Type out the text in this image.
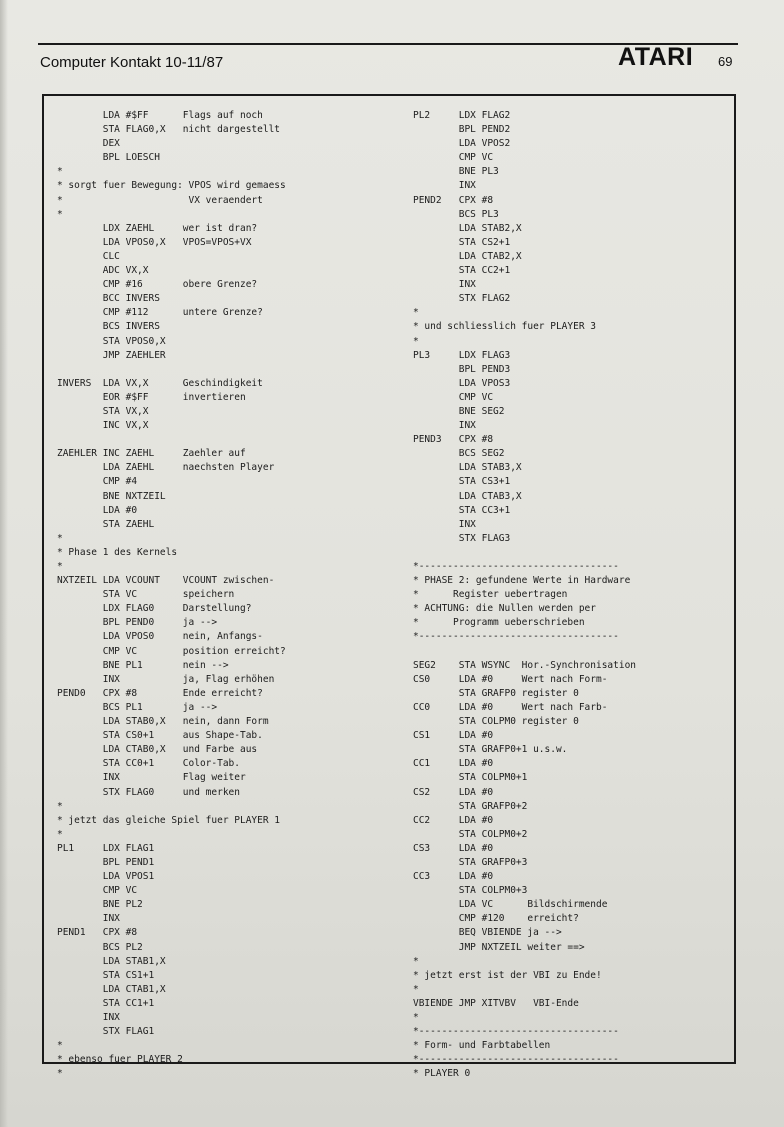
Computer Kontakt 10-11/87	ATARI 69
LDA #$FF      Flags auf noch
STA FLAG0,X   nicht dargestellt
DEX
BPL LOESCH
*
* sorgt fuer Bewegung: VPOS wird gemaess
*                      VX veraendert
*
LDX ZAEHL     wer ist dran?
LDA VPOS0,X   VPOS=VPOS+VX
CLC
ADC VX,X
CMP #16       obere Grenze?
BCC INVERS
CMP #112      untere Grenze?
BCS INVERS
STA VPOS0,X
JMP ZAEHLER
INVERS  LDA VX,X      Geschindigkeit
EOR #$FF      invertieren
STA VX,X
INC VX,X
ZAEHLER INC ZAEHL     Zaehler auf
LDA ZAEHL     naechsten Player
CMP #4
BNE NXTZEIL
LDA #0
STA ZAEHL
*
* Phase 1 des Kernels
*
NXTZEIL LDA VCOUNT    VCOUNT zwischen-
STA VC        speichern
LDX FLAG0     Darstellung?
BPL PEND0     ja -->
LDA VPOS0     nein, Anfangs-
CMP VC        position erreicht?
BNE PL1       nein -->
INX           ja, Flag erhöhen
PEND0   CPX #8        Ende erreicht?
BCS PL1       ja -->
LDA STAB0,X   nein, dann Form
STA CS0+1     aus Shape-Tab.
LDA CTAB0,X   und Farbe aus
STA CC0+1     Color-Tab.
INX           Flag weiter
STX FLAG0     und merken
*
* jetzt das gleiche Spiel fuer PLAYER 1
*
PL1     LDX FLAG1
BPL PEND1
LDA VPOS1
CMP VC
BNE PL2
INX
PEND1   CPX #8
BCS PL2
LDA STAB1,X
STA CS1+1
LDA CTAB1,X
STA CC1+1
INX
STX FLAG1
*
* ebenso fuer PLAYER 2
*
PL2     LDX FLAG2
BPL PEND2
LDA VPOS2
CMP VC
BNE PL3
INX
PEND2   CPX #8
BCS PL3
LDA STAB2,X
STA CS2+1
LDA CTAB2,X
STA CC2+1
INX
STX FLAG2
*
* und schliesslich fuer PLAYER 3
*
PL3     LDX FLAG3
BPL PEND3
LDA VPOS3
CMP VC
BNE SEG2
INX
PEND3   CPX #8
BCS SEG2
LDA STAB3,X
STA CS3+1
LDA CTAB3,X
STA CC3+1
INX
STX FLAG3
*-----------------------------------
* PHASE 2: gefundene Werte in Hardware
*      Register uebertragen
* ACHTUNG: die Nullen werden per
*      Programm ueberschrieben
*-----------------------------------
SEG2    STA WSYNC  Hor.-Synchronisation
CS0     LDA #0     Wert nach Form-
STA GRAFP0 register 0
CC0     LDA #0     Wert nach Farb-
STA COLPM0 register 0
CS1     LDA #0
STA GRAFP0+1 u.s.w.
CC1     LDA #0
STA COLPM0+1
CS2     LDA #0
STA GRAFP0+2
CC2     LDA #0
STA COLPM0+2
CS3     LDA #0
STA GRAFP0+3
CC3     LDA #0
STA COLPM0+3
LDA VC      Bildschirmende
CMP #120    erreicht?
BEQ VBIENDE ja -->
JMP NXTZEIL weiter ==>
*
* jetzt erst ist der VBI zu Ende!
*
VBIENDE JMP XITVBV   VBI-Ende
*
*-----------------------------------
* Form- und Farbtabellen
*-----------------------------------
* PLAYER 0
